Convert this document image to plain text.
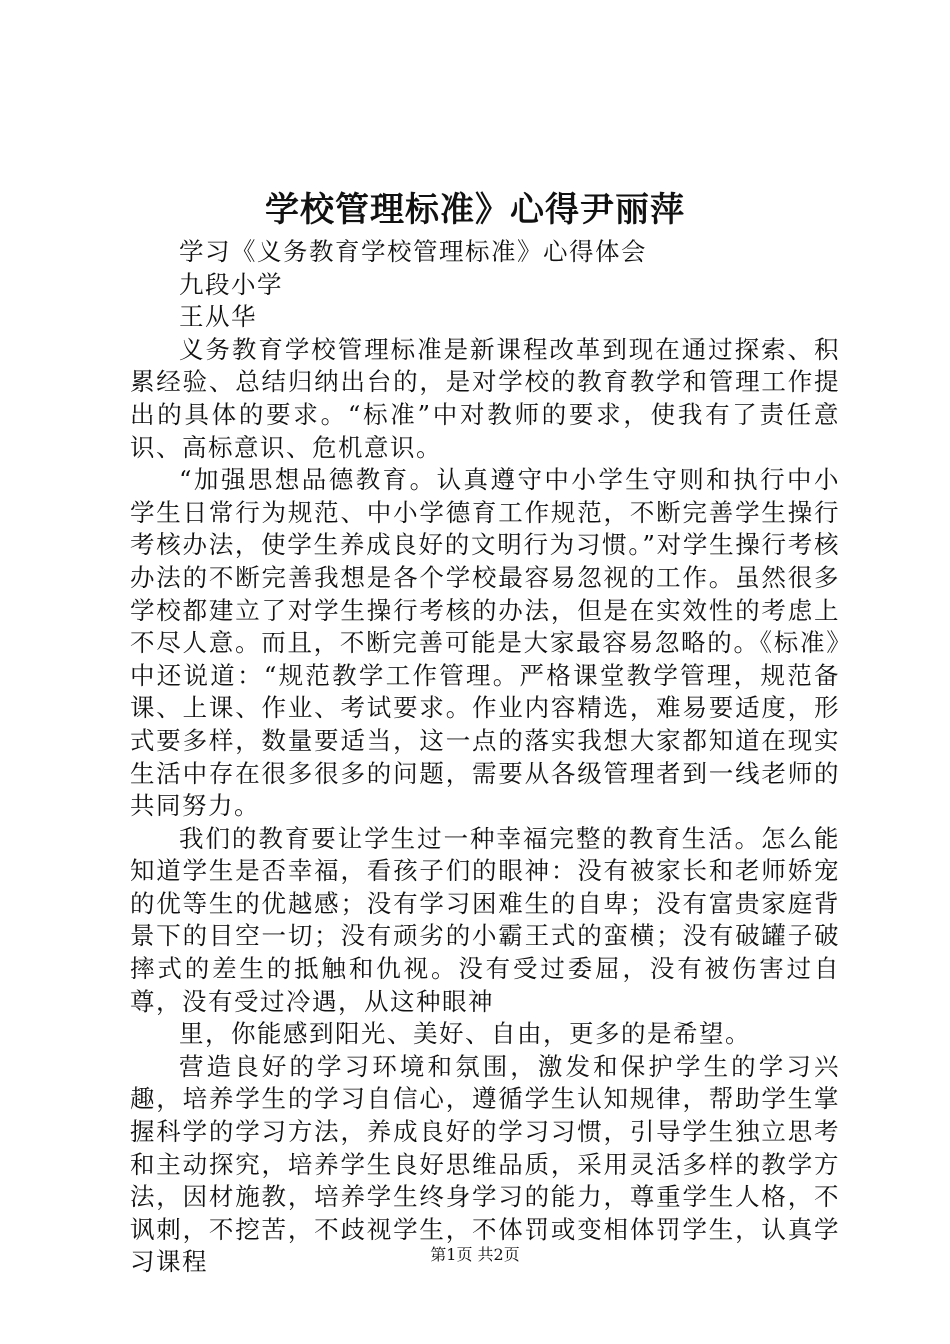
学校管理标准》心得尹丽萍

学习《义务教育学校管理标准》心得体会

九段小学

王从华

义务教育学校管理标准是新课程改革到现在通过探索、积累经验、总结归纳出台的，是对学校的教育教学和管理工作提出的具体的要求。“标准”中对教师的要求，使我有了责任意识、高标意识、危机意识。

“加强思想品德教育。认真遵守中小学生守则和执行中小学生日常行为规范、中小学德育工作规范，不断完善学生操行考核办法，使学生养成良好的文明行为习惯。”对学生操行考核办法的不断完善我想是各个学校最容易忽视的工作。虽然很多学校都建立了对学生操行考核的办法，但是在实效性的考虑上不尽人意。而且，不断完善可能是大家最容易忽略的。《标准》中还说道：“规范教学工作管理。严格课堂教学管理，规范备课、上课、作业、考试要求。作业内容精选，难易要适度，形式要多样，数量要适当，这一点的落实我想大家都知道在现实生活中存在很多很多的问题，需要从各级管理者到一线老师的共同努力。

我们的教育要让学生过一种幸福完整的教育生活。怎么能知道学生是否幸福，看孩子们的眼神：没有被家长和老师娇宠的优等生的优越感；没有学习困难生的自卑；没有富贵家庭背景下的目空一切；没有顽劣的小霸王式的蛮横；没有破罐子破摔式的差生的抵触和仇视。没有受过委屈，没有被伤害过自尊，没有受过冷遇，从这种眼神

里，你能感到阳光、美好、自由，更多的是希望。

营造良好的学习环境和氛围，激发和保护学生的学习兴趣，培养学生的学习自信心，遵循学生认知规律，帮助学生掌握科学的学习方法，养成良好的学习习惯，引导学生独立思考和主动探究，培养学生良好思维品质，采用灵活多样的教学方法，因材施教，培养学生终身学习的能力，尊重学生人格，不讽刺，不挖苦，不歧视学生，不体罚或变相体罚学生，认真学习课程	第1页 共2页
